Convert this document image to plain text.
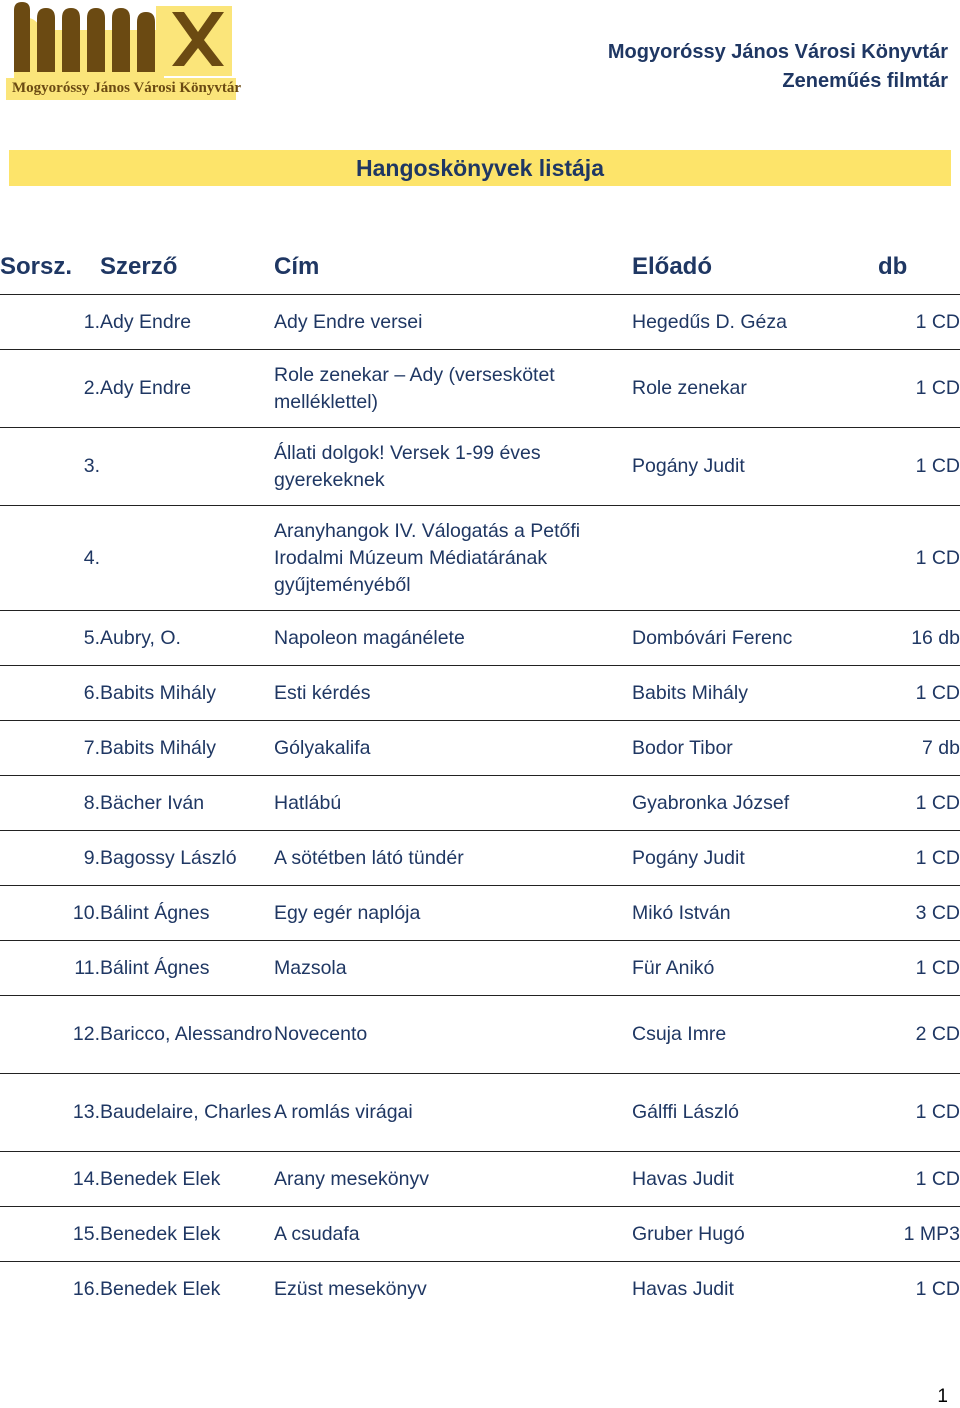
Mogyoróssy János Városi Könyvtár
Mogyoróssy János Városi Könyvtár
Zeneműés filmtár
Hangoskönyvek listája
Sorsz.	Szerző	Cím	Előadó	db
1.	Ady Endre	Ady Endre versei	Hegedűs D. Géza	1 CD
2.	Ady Endre	Role zenekar – Ady (verseskötet melléklettel)	Role zenekar	1 CD
3.		Állati dolgok! Versek 1-99 éves gyerekeknek	Pogány Judit	1 CD
4.		Aranyhangok IV. Válogatás a Petőfi Irodalmi Múzeum Médiatárának gyűjteményéből		1 CD
5.	Aubry, O.	Napoleon magánélete	Dombóvári Ferenc	16 db
6.	Babits Mihály	Esti kérdés	Babits Mihály	1 CD
7.	Babits Mihály	Gólyakalifa	Bodor Tibor	7 db
8.	Bächer Iván	Hatlábú	Gyabronka József	1 CD
9.	Bagossy László	A sötétben látó tündér	Pogány Judit	1 CD
10.	Bálint Ágnes	Egy egér naplója	Mikó István	3 CD
11.	Bálint Ágnes	Mazsola	Für Anikó	1 CD
12.	Baricco, Alessandro	Novecento	Csuja Imre	2 CD
13.	Baudelaire, Charles	A romlás virágai	Gálffi László	1 CD
14.	Benedek Elek	Arany mesekönyv	Havas Judit	1 CD
15.	Benedek Elek	A csudafa	Gruber Hugó	1 MP3
16.	Benedek Elek	Ezüst mesekönyv	Havas Judit	1 CD
1
